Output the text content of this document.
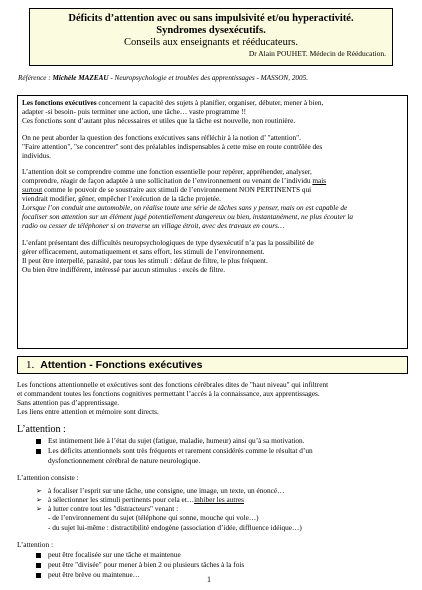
Déficits d’attention avec ou sans impulsivité et/ou hyperactivité.
Syndromes dysexécutifs.
Conseils aux enseignants et rééducateurs.
Dr Alain POUHET. Médecin de Rééducation.
Référence : Michèle MAZEAU - Neuropsychologie et troubles des apprentissages - MASSON, 2005.

Les fonctions exécutives concernent la capacité des sujets à planifier, organiser, débuter, mener à bien,

adapter -si besoin- puis terminer une action, une tâche… vaste programme !!

Ces fonctions sont d’autant plus nécessaires et utiles que la tâche est nouvelle, non routinière.

On ne peut aborder la question des fonctions exécutives sans réfléchir à la notion d’ "attention".

"Faire attention", "se concentrer" sont des préalables indispensables à cette mise en route contrôlée des

individus.

L’attention doit se comprendre comme une fonction essentielle pour repérer, appréhender, analyser,

comprendre, réagir de façon adaptée à une sollicitation de l’environnement ou venant de l’individu mais

surtout comme le pouvoir de se soustraire aux stimuli de l’environnement NON PERTINENTS qui

viendrait modifier, gêner, empêcher l’exécution de la tâche projetée.

Lorsque l’on conduit une automobile, on réalise toute une série de tâches sans y penser, mais on est capable de

focaliser son attention sur un élément jugé potentiellement dangereux ou bien, instantanément, ne plus écouter la

radio ou cesser de téléphoner si on traverse un village étroit, avec des travaux en cours…

L’enfant présentant des difficultés neuropsychologiques de type dysexécutif n’a pas la possibilité de

gérer efficacement, automatiquement et sans effort, les stimuli de l’environnement.

Il peut être interpellé, parasité, par tous les stimuli : défaut de filtre, le plus fréquent.

Ou bien être indifférent, intéressé par aucun stimulus : excès de filtre.

1. Attention - Fonctions exécutives

Les fonctions attentionnelle et exécutives sont des fonctions cérébrales dites de "haut niveau" qui infiltrent

et commandent toutes les fonctions cognitives permettant l’accès à la connaissance, aux apprentissages.

Sans attention pas d’apprentissage.

Les liens entre attention et mémoire sont directs.

L’attention :
Est intimement liée à l’état du sujet (fatigue, maladie, humeur) ainsi qu’à sa motivation.
Les déficits attentionnels sont très fréquents et rarement considérés comme le résultat d’un
dysfonctionnement cérébral de nature neurologique.
L’attention consiste :
➢ à focaliser l’esprit sur une tâche, une consigne, une image, un texte, un énoncé…
➢ à sélectionner les stimuli pertinents pour cela et… inhiber les autres
➢ à lutter contre tout les "distracteurs" venant :
- de l’environnement du sujet (téléphone qui sonne, mouche qui vole…)
- du sujet lui-même : distractibilité endogène (association d’idée, diffluence idéique…)
L’attention :
peut être focalisée sur une tâche et maintenue
peut être "divisée" pour mener à bien 2 ou plusieurs tâches à la fois
peut être brève ou maintenue…
1
